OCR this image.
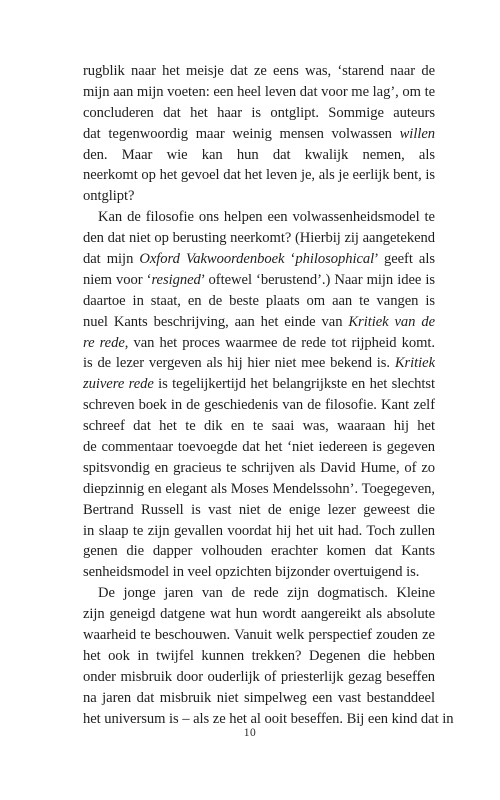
rugblik naar het meisje dat ze eens was, ‘starend naar de
mijn aan mijn voeten: een heel leven dat voor me lag’, om te
concluderen dat het haar is ontglipt. Sommige auteurs
dat tegenwoordig maar weinig mensen volwassen willen
den. Maar wie kan hun dat kwalijk nemen, als
neerkomt op het gevoel dat het leven je, als je eerlijk bent, is
ontglipt?
Kan de filosofie ons helpen een volwassenheidsmodel te
den dat niet op berusting neerkomt? (Hierbij zij aangetekend
dat mijn Oxford Vakwoordenboek ‘philosophical’ geeft als
niem voor ‘resigned’ oftewel ‘berustend’.) Naar mijn idee is
daartoe in staat, en de beste plaats om aan te vangen is
nuel Kants beschrijving, aan het einde van Kritiek van de
re rede, van het proces waarmee de rede tot rijpheid komt.
is de lezer vergeven als hij hier niet mee bekend is. Kritiek
zuivere rede is tegelijkertijd het belangrijkste en het slechtst
schreven boek in de geschiedenis van de filosofie. Kant zelf
schreef dat het te dik en te saai was, waaraan hij het
de commentaar toevoegde dat het ‘niet iedereen is gegeven
spitsvondig en gracieus te schrijven als David Hume, of zo
diepzinnig en elegant als Moses Mendelssohn’. Toegegeven,
Bertrand Russell is vast niet de enige lezer geweest die
in slaap te zijn gevallen voordat hij het uit had. Toch zullen
genen die dapper volhouden erachter komen dat Kants
senheidsmodel in veel opzichten bijzonder overtuigend is.
De jonge jaren van de rede zijn dogmatisch. Kleine
zijn geneigd datgene wat hun wordt aangereikt als absolute
waarheid te beschouwen. Vanuit welk perspectief zouden ze
het ook in twijfel kunnen trekken? Degenen die hebben
onder misbruik door ouderlijk of priesterlijk gezag beseffen
na jaren dat misbruik niet simpelweg een vast bestanddeel
het universum is – als ze het al ooit beseffen. Bij een kind dat in
10
